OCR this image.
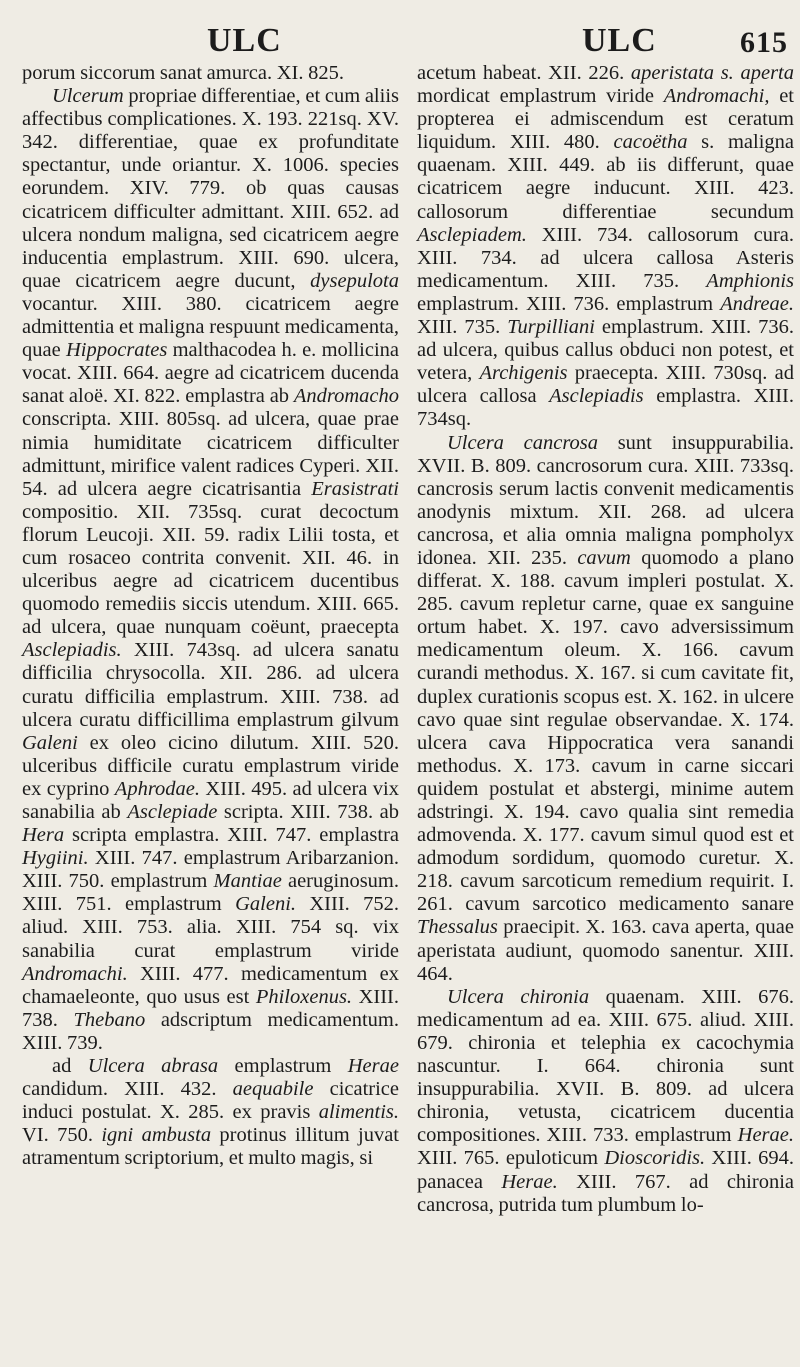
ULC	ULC	615

porum siccorum sanat amurca. XI. 825.

Ulcerum propriae differentiae, et cum aliis affectibus complicationes. X. 193. 221sq. XV. 342. differentiae, quae ex profunditate spectantur, unde oriantur. X. 1006. species eorundem. XIV. 779. ob quas causas cicatricem difficulter admittant. XIII. 652. ad ulcera nondum maligna, sed cicatricem aegre inducentia emplastrum. XIII. 690. ulcera, quae cicatricem aegre ducunt, dysepulota vocantur. XIII. 380. cicatricem aegre admittentia et maligna respuunt medicamenta, quae Hippocrates malthacodea h. e. mollicina vocat. XIII. 664. aegre ad cicatricem ducenda sanat aloë. XI. 822. emplastra ab Andromacho conscripta. XIII. 805sq. ad ulcera, quae prae nimia humiditate cicatricem difficulter admittunt, mirifice valent radices Cyperi. XII. 54. ad ulcera aegre cicatrisantia Erasistrati compositio. XII. 735sq. curat decoctum florum Leucoji. XII. 59. radix Lilii tosta, et cum rosaceo contrita convenit. XII. 46. in ulceribus aegre ad cicatricem ducentibus quomodo remediis siccis utendum. XIII. 665. ad ulcera, quae nunquam coëunt, praecepta Asclepiadis. XIII. 743sq. ad ulcera sanatu difficilia chrysocolla. XII. 286. ad ulcera curatu difficilia emplastrum. XIII. 738. ad ulcera curatu difficillima emplastrum gilvum Galeni ex oleo cicino dilutum. XIII. 520. ulceribus difficile curatu emplastrum viride ex cyprino Aphrodae. XIII. 495. ad ulcera vix sanabilia ab Asclepiade scripta. XIII. 738. ab Hera scripta emplastra. XIII. 747. emplastra Hygiini. XIII. 747. emplastrum Aribarzanion. XIII. 750. emplastrum Mantiae aeruginosum. XIII. 751. emplastrum Galeni. XIII. 752. aliud. XIII. 753. alia. XIII. 754 sq. vix sanabilia curat emplastrum viride Andromachi. XIII. 477. medicamentum ex chamaeleonte, quo usus est Philoxenus. XIII. 738. Thebano adscriptum medicamentum. XIII. 739.

ad Ulcera abrasa emplastrum Herae candidum. XIII. 432. aequabile cicatrice induci postulat. X. 285. ex pravis alimentis. VI. 750. igni ambusta protinus illitum juvat atramentum scriptorium, et multo magis, si

acetum habeat. XII. 226. aperistata s. aperta mordicat emplastrum viride Andromachi, et propterea ei admiscendum est ceratum liquidum. XIII. 480. cacoëtha s. maligna quaenam. XIII. 449. ab iis differunt, quae cicatricem aegre inducunt. XIII. 423. callosorum differentiae secundum Asclepiadem. XIII. 734. callosorum cura. XIII. 734. ad ulcera callosa Asteris medicamentum. XIII. 735. Amphionis emplastrum. XIII. 736. emplastrum Andreae. XIII. 735. Turpilliani emplastrum. XIII. 736. ad ulcera, quibus callus obduci non potest, et vetera, Archigenis praecepta. XIII. 730sq. ad ulcera callosa Asclepiadis emplastra. XIII. 734sq.

Ulcera cancrosa sunt insuppurabilia. XVII. B. 809. cancrosorum cura. XIII. 733sq. cancrosis serum lactis convenit medicamentis anodynis mixtum. XII. 268. ad ulcera cancrosa, et alia omnia maligna pompholyx idonea. XII. 235. cavum quomodo a plano differat. X. 188. cavum impleri postulat. X. 285. cavum repletur carne, quae ex sanguine ortum habet. X. 197. cavo adversissimum medicamentum oleum. X. 166. cavum curandi methodus. X. 167. si cum cavitate fit, duplex curationis scopus est. X. 162. in ulcere cavo quae sint regulae observandae. X. 174. ulcera cava Hippocratica vera sanandi methodus. X. 173. cavum in carne siccari quidem postulat et abstergi, minime autem adstringi. X. 194. cavo qualia sint remedia admovenda. X. 177. cavum simul quod est et admodum sordidum, quomodo curetur. X. 218. cavum sarcoticum remedium requirit. I. 261. cavum sarcotico medicamento sanare Thessalus praecipit. X. 163. cava aperta, quae aperistata audiunt, quomodo sanentur. XIII. 464.

Ulcera chironia quaenam. XIII. 676. medicamentum ad ea. XIII. 675. aliud. XIII. 679. chironia et telephia ex cacochymia nascuntur. I. 664. chironia sunt insuppurabilia. XVII. B. 809. ad ulcera chironia, vetusta, cicatricem ducentia compositiones. XIII. 733. emplastrum Herae. XIII. 765. epuloticum Dioscoridis. XIII. 694. panacea Herae. XIII. 767. ad chironia cancrosa, putrida tum plumbum lo-
